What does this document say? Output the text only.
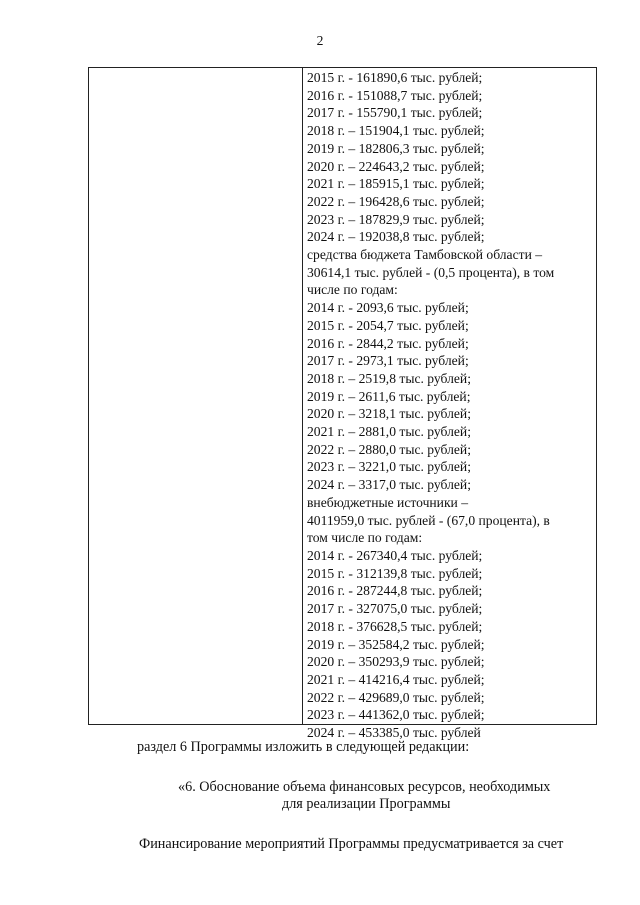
2
2015 г. - 161890,6 тыс. рублей;
2016 г. - 151088,7 тыс. рублей;
2017 г. - 155790,1 тыс. рублей;
2018 г. – 151904,1 тыс. рублей;
2019 г. – 182806,3 тыс. рублей;
2020 г. – 224643,2 тыс. рублей;
2021 г. – 185915,1 тыс. рублей;
2022 г. – 196428,6 тыс. рублей;
2023 г. – 187829,9 тыс. рублей;
2024 г. – 192038,8 тыс. рублей;
средства бюджета Тамбовской области –
30614,1 тыс. рублей - (0,5 процента), в том
числе по годам:
2014 г. - 2093,6 тыс. рублей;
2015 г. - 2054,7 тыс. рублей;
2016 г. - 2844,2 тыс. рублей;
2017 г. - 2973,1 тыс. рублей;
2018 г. – 2519,8 тыс. рублей;
2019 г. – 2611,6 тыс. рублей;
2020 г. – 3218,1 тыс. рублей;
2021 г. – 2881,0 тыс. рублей;
2022 г. – 2880,0 тыс. рублей;
2023 г. – 3221,0 тыс. рублей;
2024 г. – 3317,0 тыс. рублей;
внебюджетные источники –
4011959,0 тыс. рублей - (67,0 процента), в
том числе по годам:
2014 г. - 267340,4 тыс. рублей;
2015 г. - 312139,8 тыс. рублей;
2016 г. - 287244,8 тыс. рублей;
2017 г. - 327075,0 тыс. рублей;
2018 г. - 376628,5 тыс. рублей;
2019 г. – 352584,2 тыс. рублей;
2020 г. – 350293,9 тыс. рублей;
2021 г. – 414216,4 тыс. рублей;
2022 г. – 429689,0 тыс. рублей;
2023 г. – 441362,0 тыс. рублей;
2024 г. – 453385,0 тыс. рублей
раздел 6 Программы изложить в следующей редакции:
«6. Обоснование объема финансовых ресурсов, необходимых
для реализации Программы
Финансирование мероприятий Программы предусматривается за счет
